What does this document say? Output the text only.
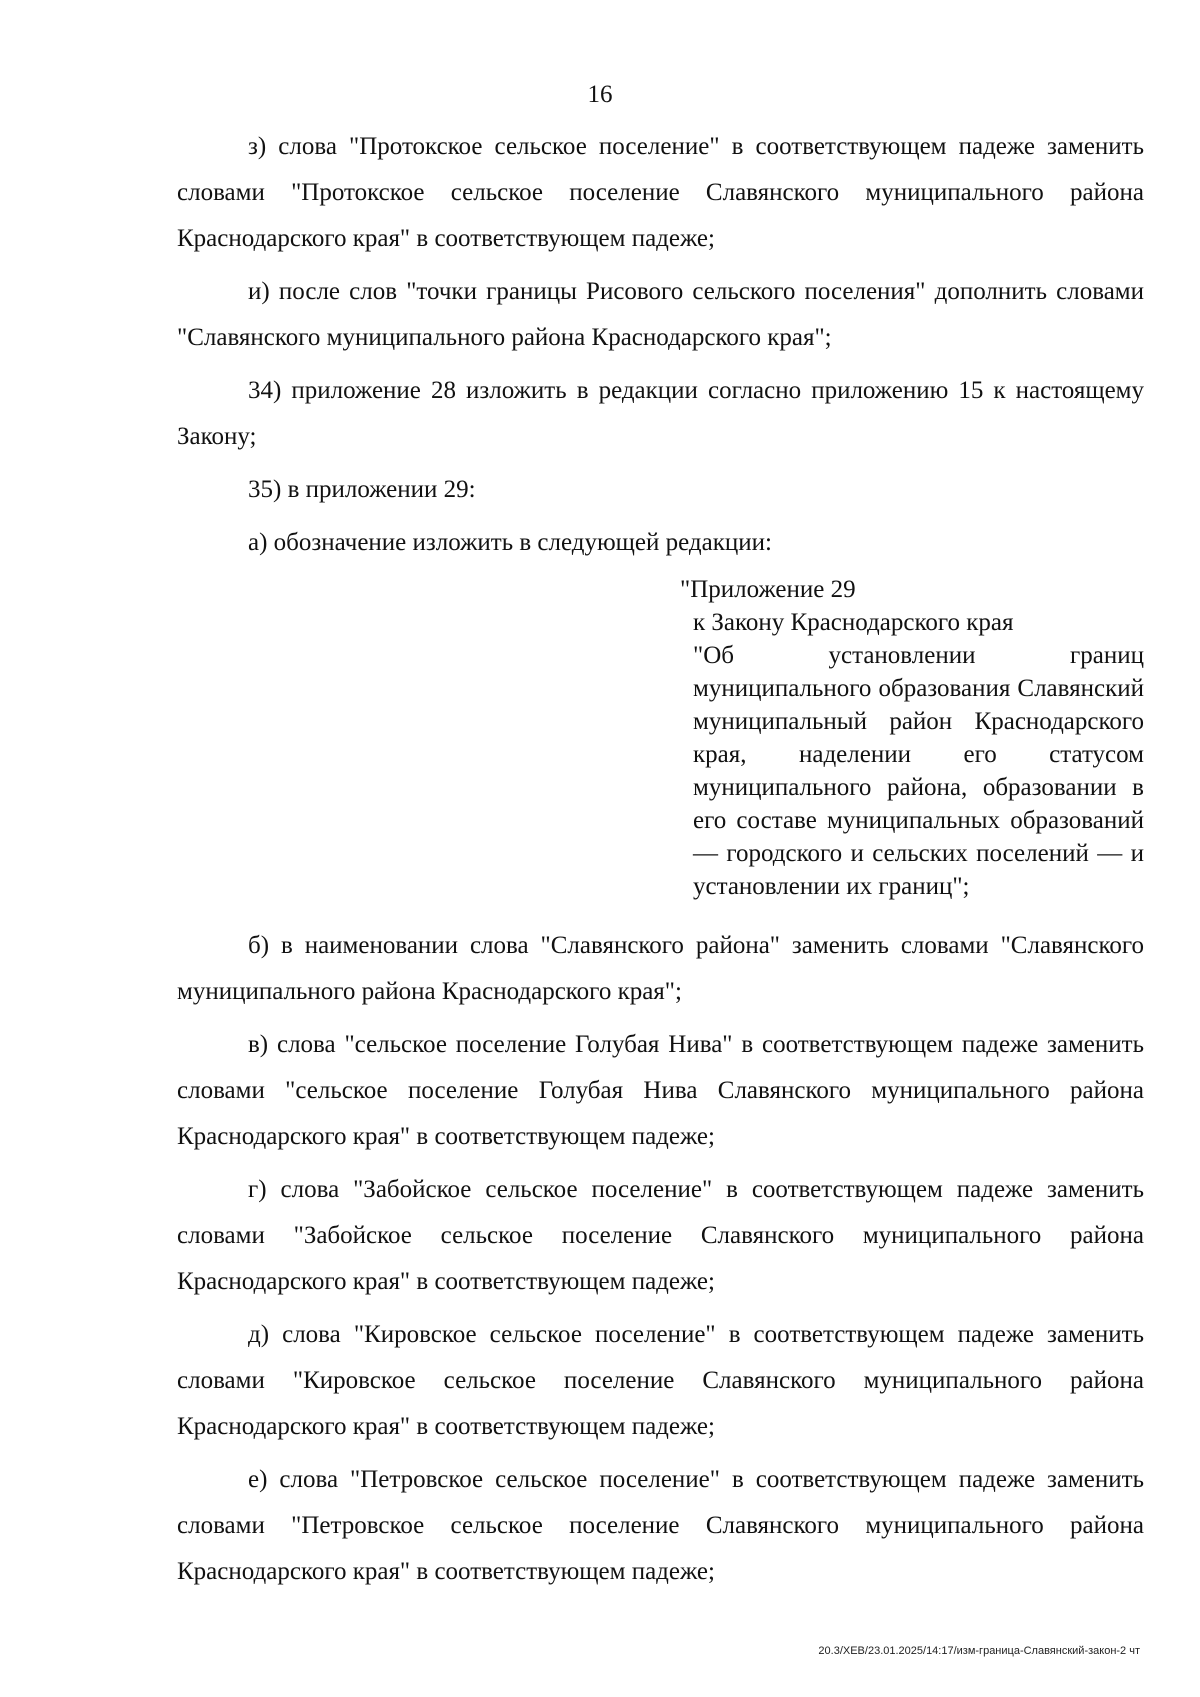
16

з) слова "Протокское сельское поселение" в соответствующем падеже заменить словами "Протокское сельское поселение Славянского муниципального района Краснодарского края" в соответствующем падеже;

и) после слов "точки границы Рисового сельского поселения" дополнить словами "Славянского муниципального района Краснодарского края";

34) приложение 28 изложить в редакции согласно приложению 15 к настоящему Закону;

35) в приложении 29:

а) обозначение изложить в следующей редакции:

"Приложение 29
к Закону Краснодарского края
"Об установлении границ муниципального образования Славянский муниципальный район Краснодарского края, наделении его статусом муниципального района, образовании в его составе муниципальных образований — городского и сельских поселений — и установлении их границ";

б) в наименовании слова "Славянского района" заменить словами "Славянского муниципального района Краснодарского края";

в) слова "сельское поселение Голубая Нива" в соответствующем падеже заменить словами "сельское поселение Голубая Нива Славянского муниципального района Краснодарского края" в соответствующем падеже;

г) слова "Забойское сельское поселение" в соответствующем падеже заменить словами "Забойское сельское поселение Славянского муниципального района Краснодарского края" в соответствующем падеже;

д) слова "Кировское сельское поселение" в соответствующем падеже заменить словами "Кировское сельское поселение Славянского муниципального района Краснодарского края" в соответствующем падеже;

е) слова "Петровское сельское поселение" в соответствующем падеже заменить словами "Петровское сельское поселение Славянского муниципального района Краснодарского края" в соответствующем падеже;

20.3/ХЕВ/23.01.2025/14:17/изм-граница-Славянский-закон-2 чт
